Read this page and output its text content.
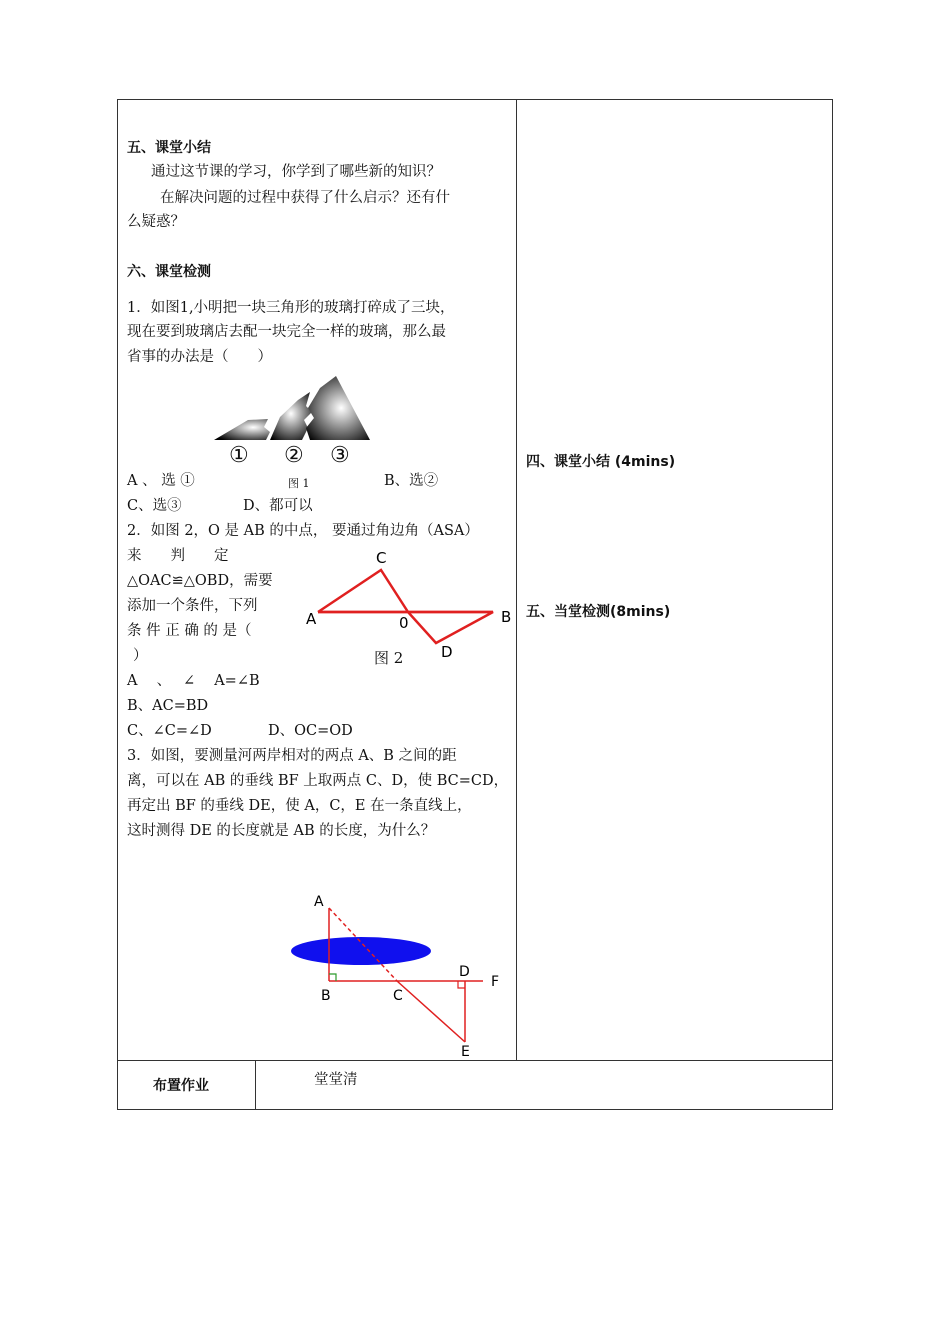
五、课堂小结
通过这节课的学习，你学到了哪些新的知识？
在解决问题的过程中获得了什么启示？还有什
么疑惑？
六、课堂检测
1．如图1,小明把一块三角形的玻璃打碎成了三块，
现在要到玻璃店去配一块完全一样的玻璃，那么最
省事的办法是（　　）
① ② ③
图 1
A 、 选 ①	B、选②
C、选③	D、都可以
2．如图 2，O 是 AB 的中点， 要通过角边角（ASA）
来　　判　　定
△OAC≌△OBD，需要
添加一个条件，下列
条 件 正 确 的 是（
）
C
A	B
0
D
图 2
A　 、　 ∠　 A=∠B
B、AC=BD
C、∠C=∠D	D、OC=OD
3．如图，要测量河两岸相对的两点 A、B 之间的距
离，可以在 AB 的垂线 BF 上取两点 C、D，使 BC=CD，
再定出 BF 的垂线 DE，使 A，C，E 在一条直线上，
这时测得 DE 的长度就是 AB 的长度，为什么？
A
B	C
D
F
E
四、课堂小结 (4mins)
五、当堂检测(8mins)
布置作业	堂堂清
